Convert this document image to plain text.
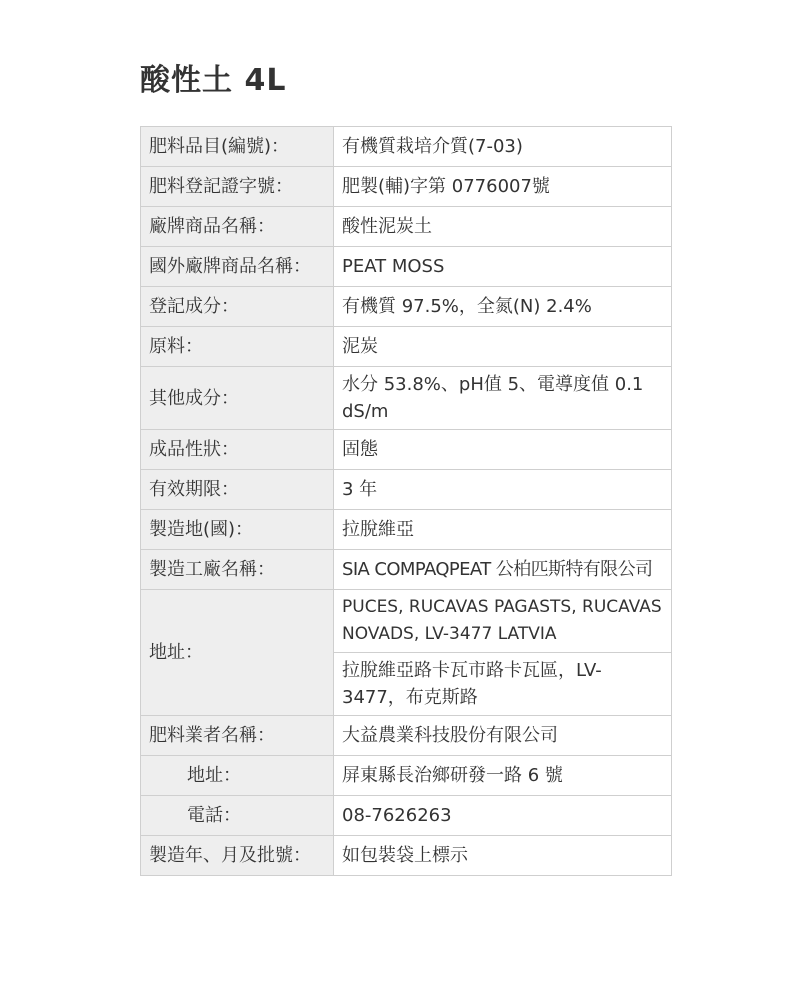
酸性土 4L
肥料品目(編號)：	有機質栽培介質(7-03)
肥料登記證字號：	肥製(輔)字第 0776007號
廠牌商品名稱：	酸性泥炭土
國外廠牌商品名稱：	PEAT MOSS
登記成分：	有機質 97.5%，全氮(N) 2.4%
原料：	泥炭
其他成分：	水分 53.8%、pH值 5、電導度值 0.1 dS/m
成品性狀：	固態
有效期限：	3 年
製造地(國)：	拉脫維亞
製造工廠名稱：	SIA COMPAQPEAT 公柏匹斯特有限公司
地址：	PUCES, RUCAVAS PAGASTS, RUCAVAS NOVADS, LV-3477 LATVIA
	拉脫維亞路卡瓦市路卡瓦區，LV-3477，布克斯路
肥料業者名稱：	大益農業科技股份有限公司
地址：	屏東縣長治鄉研發一路 6 號
電話：	08-7626263
製造年、月及批號：	如包裝袋上標示
